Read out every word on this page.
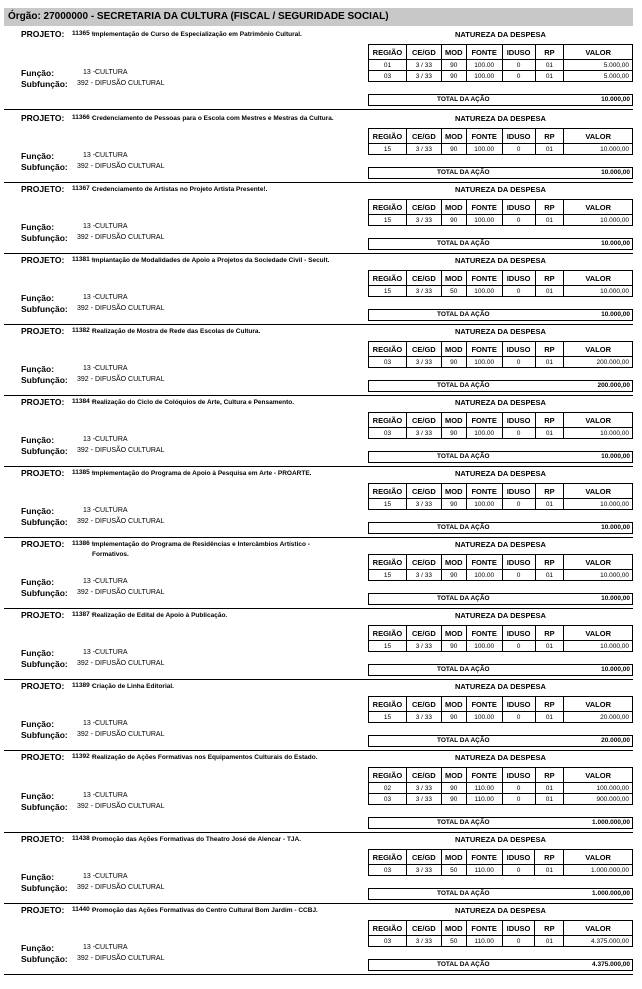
Órgão: 27000000 - SECRETARIA DA CULTURA (FISCAL / SEGURIDADE SOCIAL)
PROJETO: 11365 -
Implementação de Curso de Especialização em Patrimônio Cultural.	NATUREZA DA DESPESA
REGIÃO	CE/GD	MOD	FONTE	IDUSO	RP	VALOR
01	3 / 33	90	100.00	0	01	5.000,00
03	3 / 33	90	100.00	0	01	5.000,00
Função:	13 - CULTURA
Subfunção: 392 - DIFUSÃO CULTURAL
TOTAL DA AÇÃO	10.000,00
PROJETO: 11366 -
Credenciamento de Pessoas para o Escola com Mestres e Mestras da Cultura.	NATUREZA DA DESPESA
REGIÃO	CE/GD	MOD	FONTE	IDUSO	RP	VALOR
15	3 / 33	90	100.00	0	01	10.000,00
Função:	13 - CULTURA
Subfunção: 392 - DIFUSÃO CULTURAL
TOTAL DA AÇÃO	10.000,00
PROJETO: 11367 -
Credenciamento de Artistas no Projeto Artista Presente!.	NATUREZA DA DESPESA
REGIÃO	CE/GD	MOD	FONTE	IDUSO	RP	VALOR
15	3 / 33	90	100.00	0	01	10.000,00
Função:	13 - CULTURA
Subfunção: 392 - DIFUSÃO CULTURAL
TOTAL DA AÇÃO	10.000,00
PROJETO: 11381 -
Implantação de Modalidades de Apoio a Projetos da Sociedade Civil - Secult.	NATUREZA DA DESPESA
REGIÃO	CE/GD	MOD	FONTE	IDUSO	RP	VALOR
15	3 / 33	50	100.00	0	01	10.000,00
Função:	13 - CULTURA
Subfunção: 392 - DIFUSÃO CULTURAL
TOTAL DA AÇÃO	10.000,00
PROJETO: 11382 -
Realização de Mostra de Rede das Escolas de Cultura.	NATUREZA DA DESPESA
REGIÃO	CE/GD	MOD	FONTE	IDUSO	RP	VALOR
03	3 / 33	90	100.00	0	01	200.000,00
Função:	13 - CULTURA
Subfunção: 392 - DIFUSÃO CULTURAL
TOTAL DA AÇÃO	200.000,00
PROJETO: 11384 -
Realização do Ciclo de Colóquios de Arte, Cultura e Pensamento.	NATUREZA DA DESPESA
REGIÃO	CE/GD	MOD	FONTE	IDUSO	RP	VALOR
03	3 / 33	90	100.00	0	01	10.000,00
Função:	13 - CULTURA
Subfunção: 392 - DIFUSÃO CULTURAL
TOTAL DA AÇÃO	10.000,00
PROJETO: 11385 -
Implementação do Programa de Apoio à Pesquisa em Arte - PROARTE.	NATUREZA DA DESPESA
REGIÃO	CE/GD	MOD	FONTE	IDUSO	RP	VALOR
15	3 / 33	90	100.00	0	01	10.000,00
Função:	13 - CULTURA
Subfunção: 392 - DIFUSÃO CULTURAL
TOTAL DA AÇÃO	10.000,00
PROJETO: 11386 -
Implementação do Programa de Residências e Intercâmbios Artístico - Formativos.
NATUREZA DA DESPESA
REGIÃO	CE/GD	MOD	FONTE	IDUSO	RP	VALOR
15	3 / 33	90	100.00	0	01	10.000,00
Função:	13 - CULTURA
Subfunção: 392 - DIFUSÃO CULTURAL
TOTAL DA AÇÃO	10.000,00
PROJETO: 11387 -
Realização de Edital de Apoio à Publicação.	NATUREZA DA DESPESA
REGIÃO	CE/GD	MOD	FONTE	IDUSO	RP	VALOR
15	3 / 33	90	100.00	0	01	10.000,00
Função:	13 - CULTURA
Subfunção: 392 - DIFUSÃO CULTURAL
TOTAL DA AÇÃO	10.000,00
PROJETO: 11389 -
Criação de Linha Editorial.	NATUREZA DA DESPESA
REGIÃO	CE/GD	MOD	FONTE	IDUSO	RP	VALOR
15	3 / 33	90	100.00	0	01	20.000,00
Função:	13 - CULTURA
Subfunção: 392 - DIFUSÃO CULTURAL
TOTAL DA AÇÃO	20.000,00
PROJETO: 11392 -
Realização de Ações Formativas nos Equipamentos Culturais do Estado.	NATUREZA DA DESPESA
REGIÃO	CE/GD	MOD	FONTE	IDUSO	RP	VALOR
02	3 / 33	90	110.00	0	01	100.000,00
03	3 / 33	90	110.00	0	01	900.000,00
Função:	13 - CULTURA
Subfunção: 392 - DIFUSÃO CULTURAL
TOTAL DA AÇÃO	1.000.000,00
PROJETO: 11438 -
Promoção das Ações Formativas do Theatro José de Alencar - TJA.	NATUREZA DA DESPESA
REGIÃO	CE/GD	MOD	FONTE	IDUSO	RP	VALOR
03	3 / 33	50	110.00	0	01	1.000.000,00
Função:	13 - CULTURA
Subfunção: 392 - DIFUSÃO CULTURAL
TOTAL DA AÇÃO	1.000.000,00
PROJETO: 11440 -
Promoção das Ações Formativas do Centro Cultural Bom Jardim - CCBJ.	NATUREZA DA DESPESA
REGIÃO	CE/GD	MOD	FONTE	IDUSO	RP	VALOR
03	3 / 33	50	110.00	0	01	4.375.000,00
Função:	13 - CULTURA
Subfunção: 392 - DIFUSÃO CULTURAL
TOTAL DA AÇÃO	4.375.000,00
